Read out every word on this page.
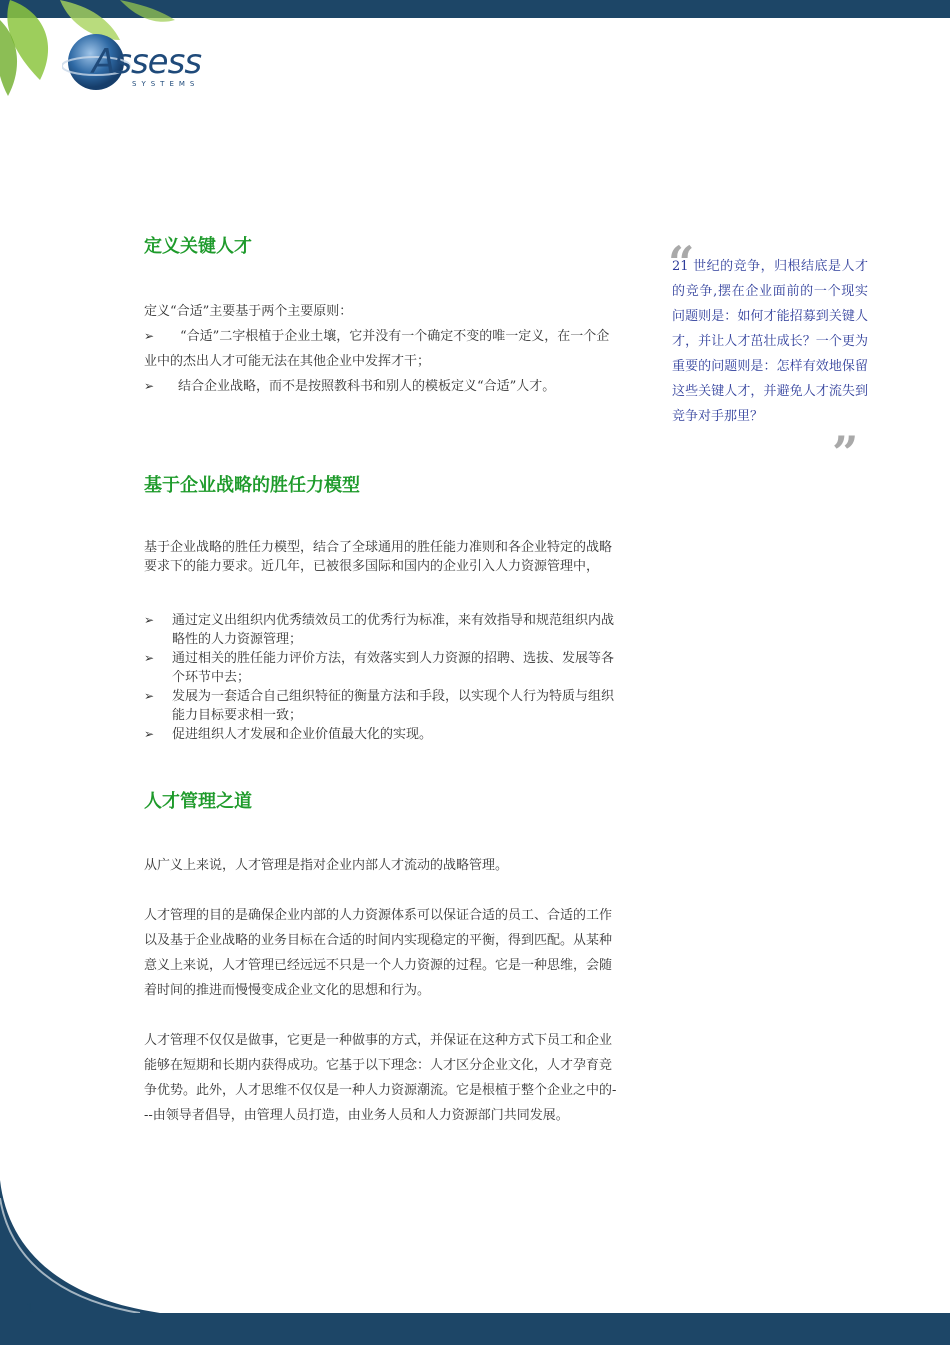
Assess
SYSTEMS
定义关键人才
定义“合适”主要基于两个主要原则：
➢	“合适”二字根植于企业土壤，它并没有一个确定不变的唯一定义，在一个企业中的杰出人才可能无法在其他企业中发挥才干；
➢ 结合企业战略，而不是按照教科书和别人的模板定义“合适”人才。
基于企业战略的胜任力模型
基于企业战略的胜任力模型，结合了全球通用的胜任能力准则和各企业特定的战略要求下的能力要求。近几年，已被很多国际和国内的企业引入人力资源管理中，
➢ 通过定义出组织内优秀绩效员工的优秀行为标准，来有效指导和规范组织内战略性的人力资源管理；
➢ 通过相关的胜任能力评价方法，有效落实到人力资源的招聘、选拔、发展等各个环节中去；
➢ 发展为一套适合自己组织特征的衡量方法和手段，以实现个人行为特质与组织能力目标要求相一致；
➢ 促进组织人才发展和企业价值最大化的实现。
人才管理之道
从广义上来说，人才管理是指对企业内部人才流动的战略管理。
人才管理的目的是确保企业内部的人力资源体系可以保证合适的员工、合适的工作以及基于企业战略的业务目标在合适的时间内实现稳定的平衡，得到匹配。从某种意义上来说，人才管理已经远远不只是一个人力资源的过程。它是一种思维，会随着时间的推进而慢慢变成企业文化的思想和行为。
人才管理不仅仅是做事，它更是一种做事的方式，并保证在这种方式下员工和企业能够在短期和长期内获得成功。它基于以下理念：人才区分企业文化，人才孕育竞争优势。此外，人才思维不仅仅是一种人力资源潮流。它是根植于整个企业之中的---由领导者倡导，由管理人员打造，由业务人员和人力资源部门共同发展。
“
21 世纪的竞争，归根结底是人才的竞争,摆在企业面前的一个现实问题则是：如何才能招募到关键人才，并让人才茁壮成长？一个更为重要的问题则是：怎样有效地保留这些关键人才，并避免人才流失到竞争对手那里？
”
1
